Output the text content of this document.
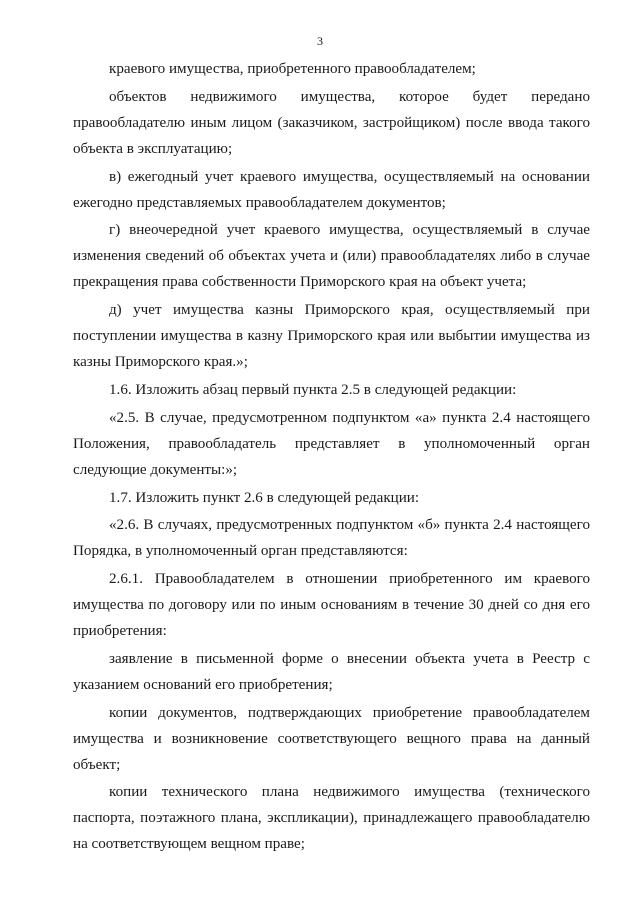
3

краевого имущества, приобретенного правообладателем;

объектов недвижимого имущества, которое будет передано

правообладателю иным лицом (заказчиком, застройщиком) после ввода такого объекта в эксплуатацию;

в) ежегодный учет краевого имущества, осуществляемый на основании ежегодно представляемых правообладателем документов;

г) внеочередной учет краевого имущества, осуществляемый в случае изменения сведений об объектах учета и (или) правообладателях либо в случае прекращения права собственности Приморского края на объект учета;

д) учет имущества казны Приморского края, осуществляемый при поступлении имущества в казну Приморского края или выбытии имущества из казны Приморского края.»;

1.6. Изложить абзац первый пункта 2.5 в следующей редакции:

«2.5. В случае, предусмотренном подпунктом «а» пункта 2.4 настоящего Положения, правообладатель представляет в уполномоченный орган следующие документы:»;

1.7. Изложить пункт 2.6 в следующей редакции:

«2.6. В случаях, предусмотренных подпунктом «б» пункта 2.4 настоящего Порядка, в уполномоченный орган представляются:

2.6.1. Правообладателем в отношении приобретенного им краевого имущества по договору или по иным основаниям в течение 30 дней со дня его приобретения:

заявление в письменной форме о внесении объекта учета в Реестр с указанием оснований его приобретения;

копии документов, подтверждающих приобретение правообладателем имущества и возникновение соответствующего вещного права на данный объект;

копии технического плана недвижимого имущества (технического паспорта, поэтажного плана, экспликации), принадлежащего правообладателю на соответствующем вещном праве;
